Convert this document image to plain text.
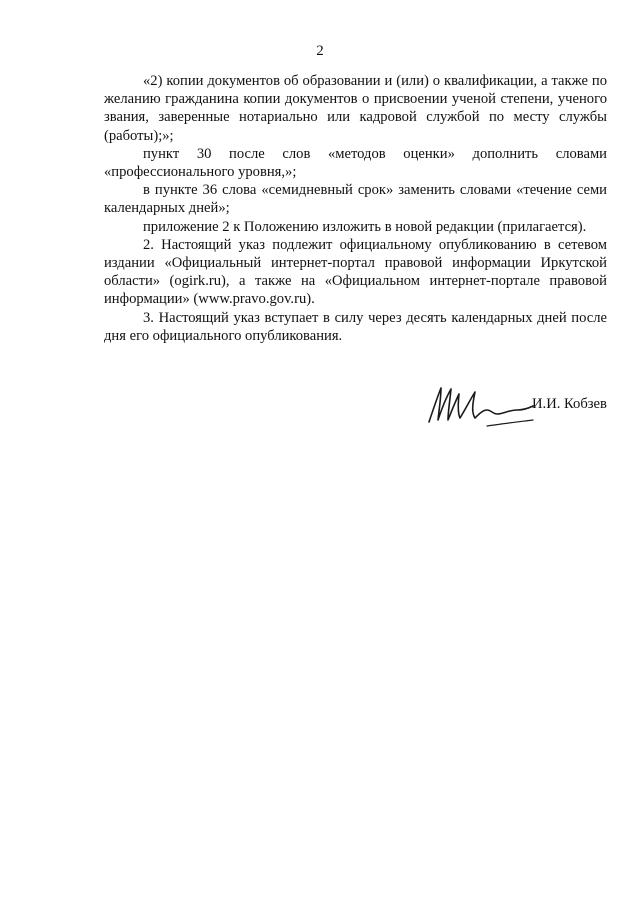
2

«2) копии документов об образовании и (или) о квалификации, а также по желанию гражданина копии документов о присвоении ученой степени, ученого звания, заверенные нотариально или кадровой службой по месту службы (работы);»;

пункт 30 после слов «методов оценки» дополнить словами «профессионального уровня,»;

в пункте 36 слова «семидневный срок» заменить словами «течение семи календарных дней»;

приложение 2 к Положению изложить в новой редакции (прилагается).

2. Настоящий указ подлежит официальному опубликованию в сетевом издании «Официальный интернет-портал правовой информации Иркутской области» (ogirk.ru), а также на «Официальном интернет-портале правовой информации» (www.pravo.gov.ru).

3. Настоящий указ вступает в силу через десять календарных дней после дня его официального опубликования.

И.И. Кобзев
